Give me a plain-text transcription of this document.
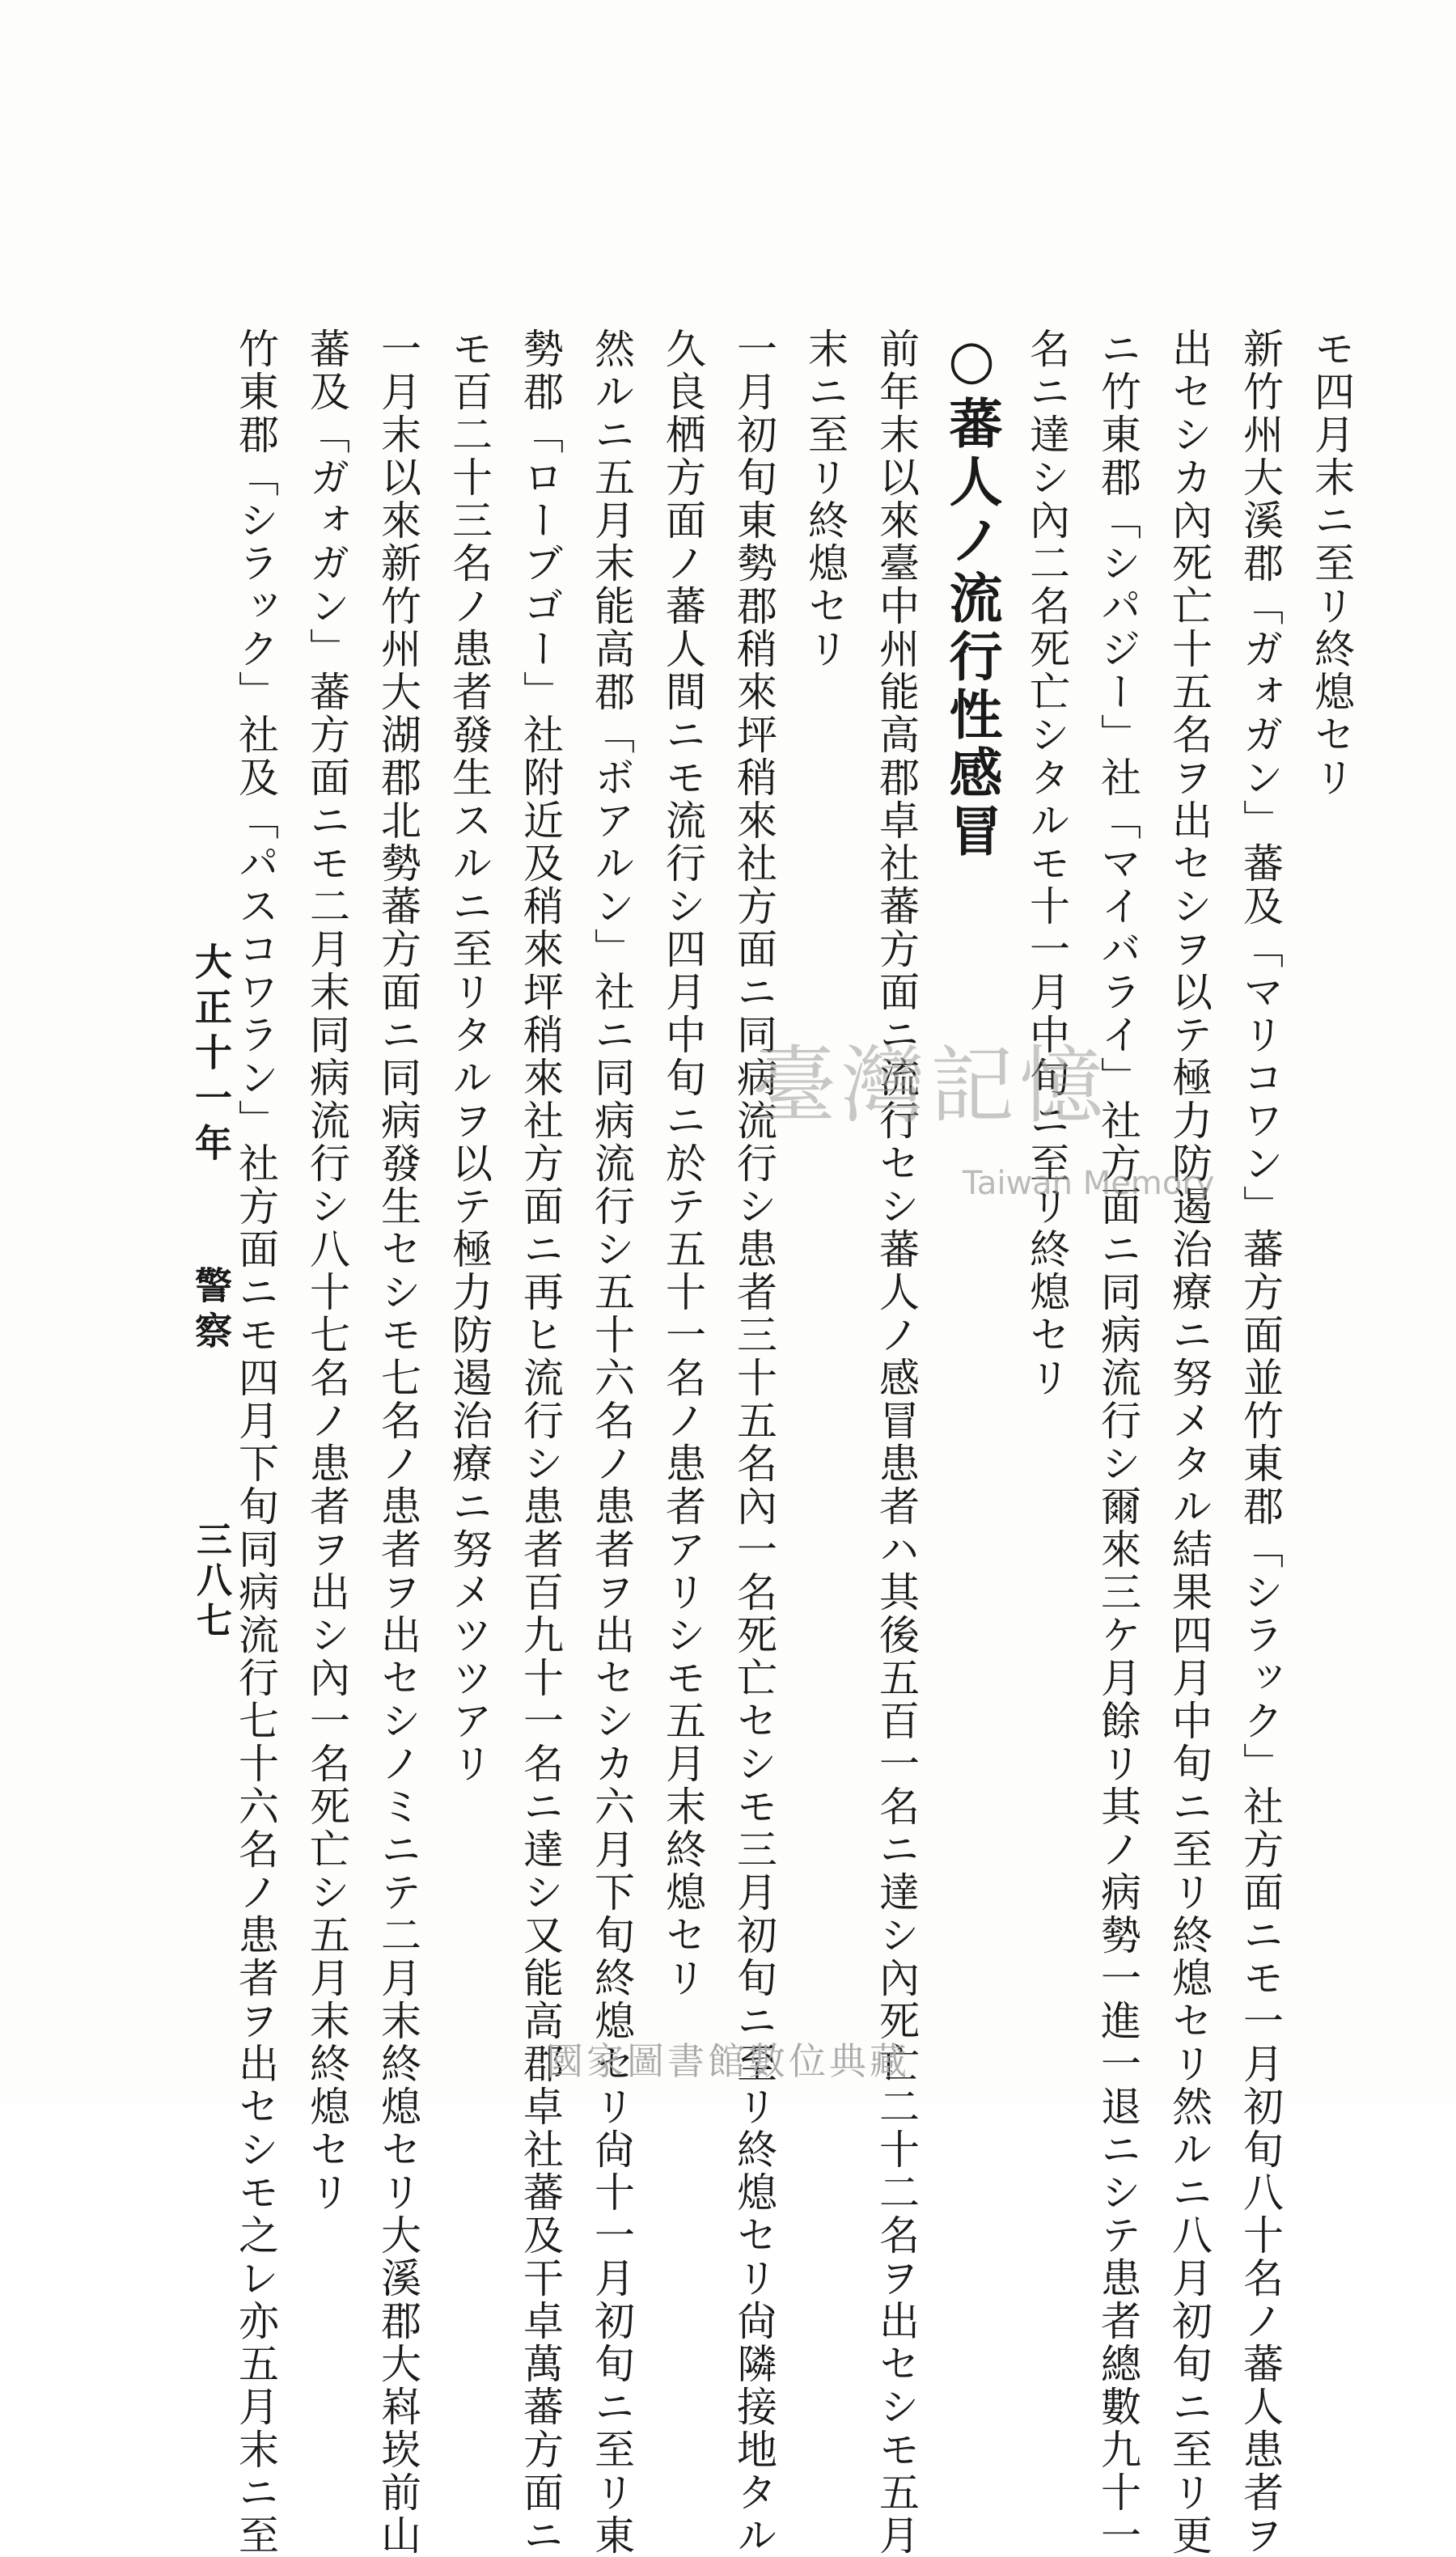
モ四月末ニ至リ終熄セリ
新竹州大溪郡「ガォガン」蕃及「マリコワン」蕃方面並竹東郡「シラック」社方面ニモ一月初旬八十名ノ蕃人患者ヲ
出セシカ內死亡十五名ヲ出セシヲ以テ極力防遏治療ニ努メタル結果四月中旬ニ至リ終熄セリ然ルニ八月初旬ニ至リ更
ニ竹東郡「シパジー」社「マイバライ」社方面ニ同病流行シ爾來三ケ月餘リ其ノ病勢一進一退ニシテ患者總數九十一
名ニ達シ內二名死亡シタルモ十一月中旬ニ至リ終熄セリ
○蕃人ノ流行性感冒
前年末以來臺中州能高郡卓社蕃方面ニ流行セシ蕃人ノ感冒患者ハ其後五百一名ニ達シ內死亡二十二名ヲ出セシモ五月
末ニ至リ終熄セリ
一月初旬東勢郡稍來坪稍來社方面ニ同病流行シ患者三十五名內一名死亡セシモ三月初旬ニ至リ終熄セリ尙隣接地タル
久良栖方面ノ蕃人間ニモ流行シ四月中旬ニ於テ五十一名ノ患者アリシモ五月末終熄セリ
然ルニ五月末能高郡「ボアルン」社ニ同病流行シ五十六名ノ患者ヲ出セシカ六月下旬終熄セリ尙十一月初旬ニ至リ東
勢郡「ローブゴー」社附近及稍來坪稍來社方面ニ再ヒ流行シ患者百九十一名ニ達シ又能高郡卓社蕃及干卓萬蕃方面ニ
モ百二十三名ノ患者發生スルニ至リタルヲ以テ極力防遏治療ニ努メツツアリ
一月末以來新竹州大湖郡北勢蕃方面ニ同病發生セシモ七名ノ患者ヲ出セシノミニテ二月末終熄セリ大溪郡大嵙崁前山
蕃及「ガォガン」蕃方面ニモ二月末同病流行シ八十七名ノ患者ヲ出シ內一名死亡シ五月末終熄セリ
竹東郡「シラック」社及「パスコワラン」社方面ニモ四月下旬同病流行七十六名ノ患者ヲ出セシモ之レ亦五月末ニ至
大正十一年警察
三八七
臺灣記憶
Taiwan Memory
國家圖書館數位典藏
